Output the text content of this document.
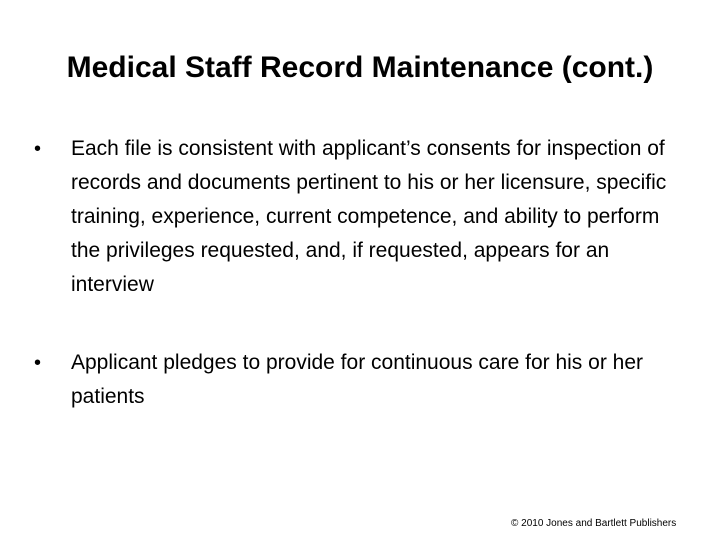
Medical Staff Record Maintenance (cont.)
•	Each file is consistent with applicant’s consents for inspection of records and documents pertinent to his or her licensure, specific training, experience, current competence, and ability to perform the privileges requested, and, if requested, appears for an interview
•	Applicant pledges to provide for continuous care for his or her patients
© 2010 Jones and Bartlett Publishers
